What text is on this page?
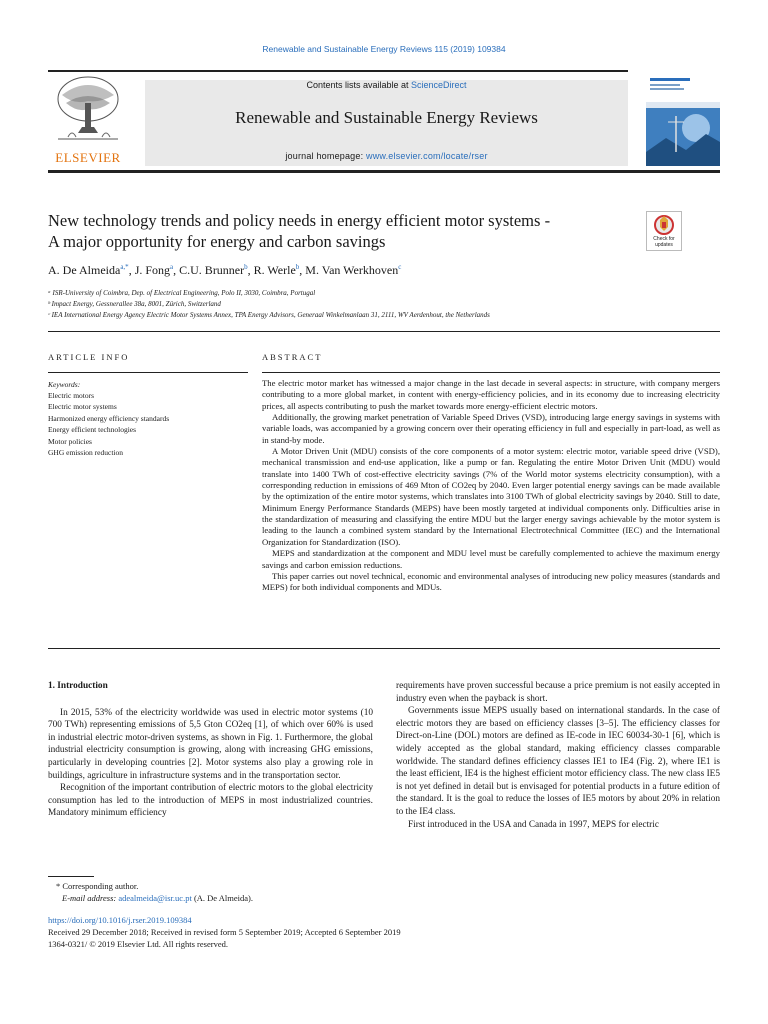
Renewable and Sustainable Energy Reviews 115 (2019) 109384
ELSEVIER
Contents lists available at ScienceDirect
Renewable and Sustainable Energy Reviews
journal homepage: www.elsevier.com/locate/rser
New technology trends and policy needs in energy efficient motor systems -
A major opportunity for energy and carbon savings	Check for updates
A. De Almeida$^{a,*}$, J. Fong$^a$, C.U. Brunner$^b$, R. Werle$^b$, M. Van Werkhoven$^c$
ᵃ ISR-University of Coimbra, Dep. of Electrical Engineering, Polo II, 3030, Coimbra, Portugal
ᵇ Impact Energy, Gessnerallee 38a, 8001, Zürich, Switzerland
ᶜ IEA International Energy Agency Electric Motor Systems Annex, TPA Energy Advisors, Generaal Winkelmanlaan 31, 2111, WV Aerdenhout, the Netherlands
ARTICLE INFO
Keywords:
Electric motors
Electric motor systems
Harmonized energy efficiency standards
Energy efficient technologies
Motor policies
GHG emission reduction
ABSTRACT

The electric motor market has witnessed a major change in the last decade in several aspects: in structure, with company mergers contributing to a more global market, in content with energy-efficiency policies, and in its economy due to increasing electricity prices, all aspects contributing to push the market towards more energy-efficient electric motors.

Additionally, the growing market penetration of Variable Speed Drives (VSD), introducing large energy savings in systems with variable loads, was accompanied by a growing concern over their operating efficiency in full and especially in part-load, as well as in stand-by mode.

A Motor Driven Unit (MDU) consists of the core components of a motor system: electric motor, variable speed drive (VSD), mechanical transmission and end-use application, like a pump or fan. Regulating the entire Motor Driven Unit (MDU) would translate into 1400 TWh of cost-effective electricity savings (7% of the World motor systems electricity consumption), with a corresponding reduction in emissions of 469 Mton of CO2eq by 2040. Even larger potential energy savings can be made available by the optimization of the entire motor systems, which translates into 3100 TWh of global electricity savings by 2040. Still to date, Minimum Energy Performance Standards (MEPS) have been mostly targeted at individual components only. Difficulties arise in the standardization of measuring and classifying the entire MDU but the larger energy savings achievable by the motor system is leading to the launch a combined system standard by the International Electrotechnical Committee (IEC) and the International Organization for Standardization (ISO).

MEPS and standardization at the component and MDU level must be carefully complemented to achieve the maximum energy savings and carbon emission reductions.

This paper carries out novel technical, economic and environmental analyses of introducing new policy measures (standards and MEPS) for both individual components and MDUs.

1. Introduction

In 2015, 53% of the electricity worldwide was used in electric motor systems (10 700 TWh) representing emissions of 5,5 Gton CO2eq [1], of which over 60% is used in industrial electric motor-driven systems, as shown in Fig. 1. Furthermore, the global industrial electricity consumption is growing, along with increasing GHG emissions, particularly in developing countries [2]. Motor systems also play a growing role in buildings, agriculture in infrastructure systems and in the transportation sector.

Recognition of the important contribution of electric motors to the global electricity consumption has led to the introduction of MEPS in most industrialized countries. Mandatory minimum efficiency

requirements have proven successful because a price premium is not easily accepted in industry even when the payback is short.

Governments issue MEPS usually based on international standards. In the case of electric motors they are based on efficiency classes [3–5]. The efficiency classes for Direct-on-Line (DOL) motors are defined as IE-code in IEC 60034-30-1 [6], which is widely accepted as the global standard, making efficiency classes comparable worldwide. The standard defines efficiency classes IE1 to IE4 (Fig. 2), where IE1 is the least efficient, IE4 is the highest efficient motor efficiency class. The new class IE5 is not yet defined in detail but is envisaged for potential products in a future edition of the standard. It is the goal to reduce the losses of IE5 motors by about 20% in relation to the IE4 class.

First introduced in the USA and Canada in 1997, MEPS for electric

* Corresponding author.
E-mail address: adealmeida@isr.uc.pt (A. De Almeida).
https://doi.org/10.1016/j.rser.2019.109384
Received 29 December 2018; Received in revised form 5 September 2019; Accepted 6 September 2019
1364-0321/ © 2019 Elsevier Ltd. All rights reserved.
